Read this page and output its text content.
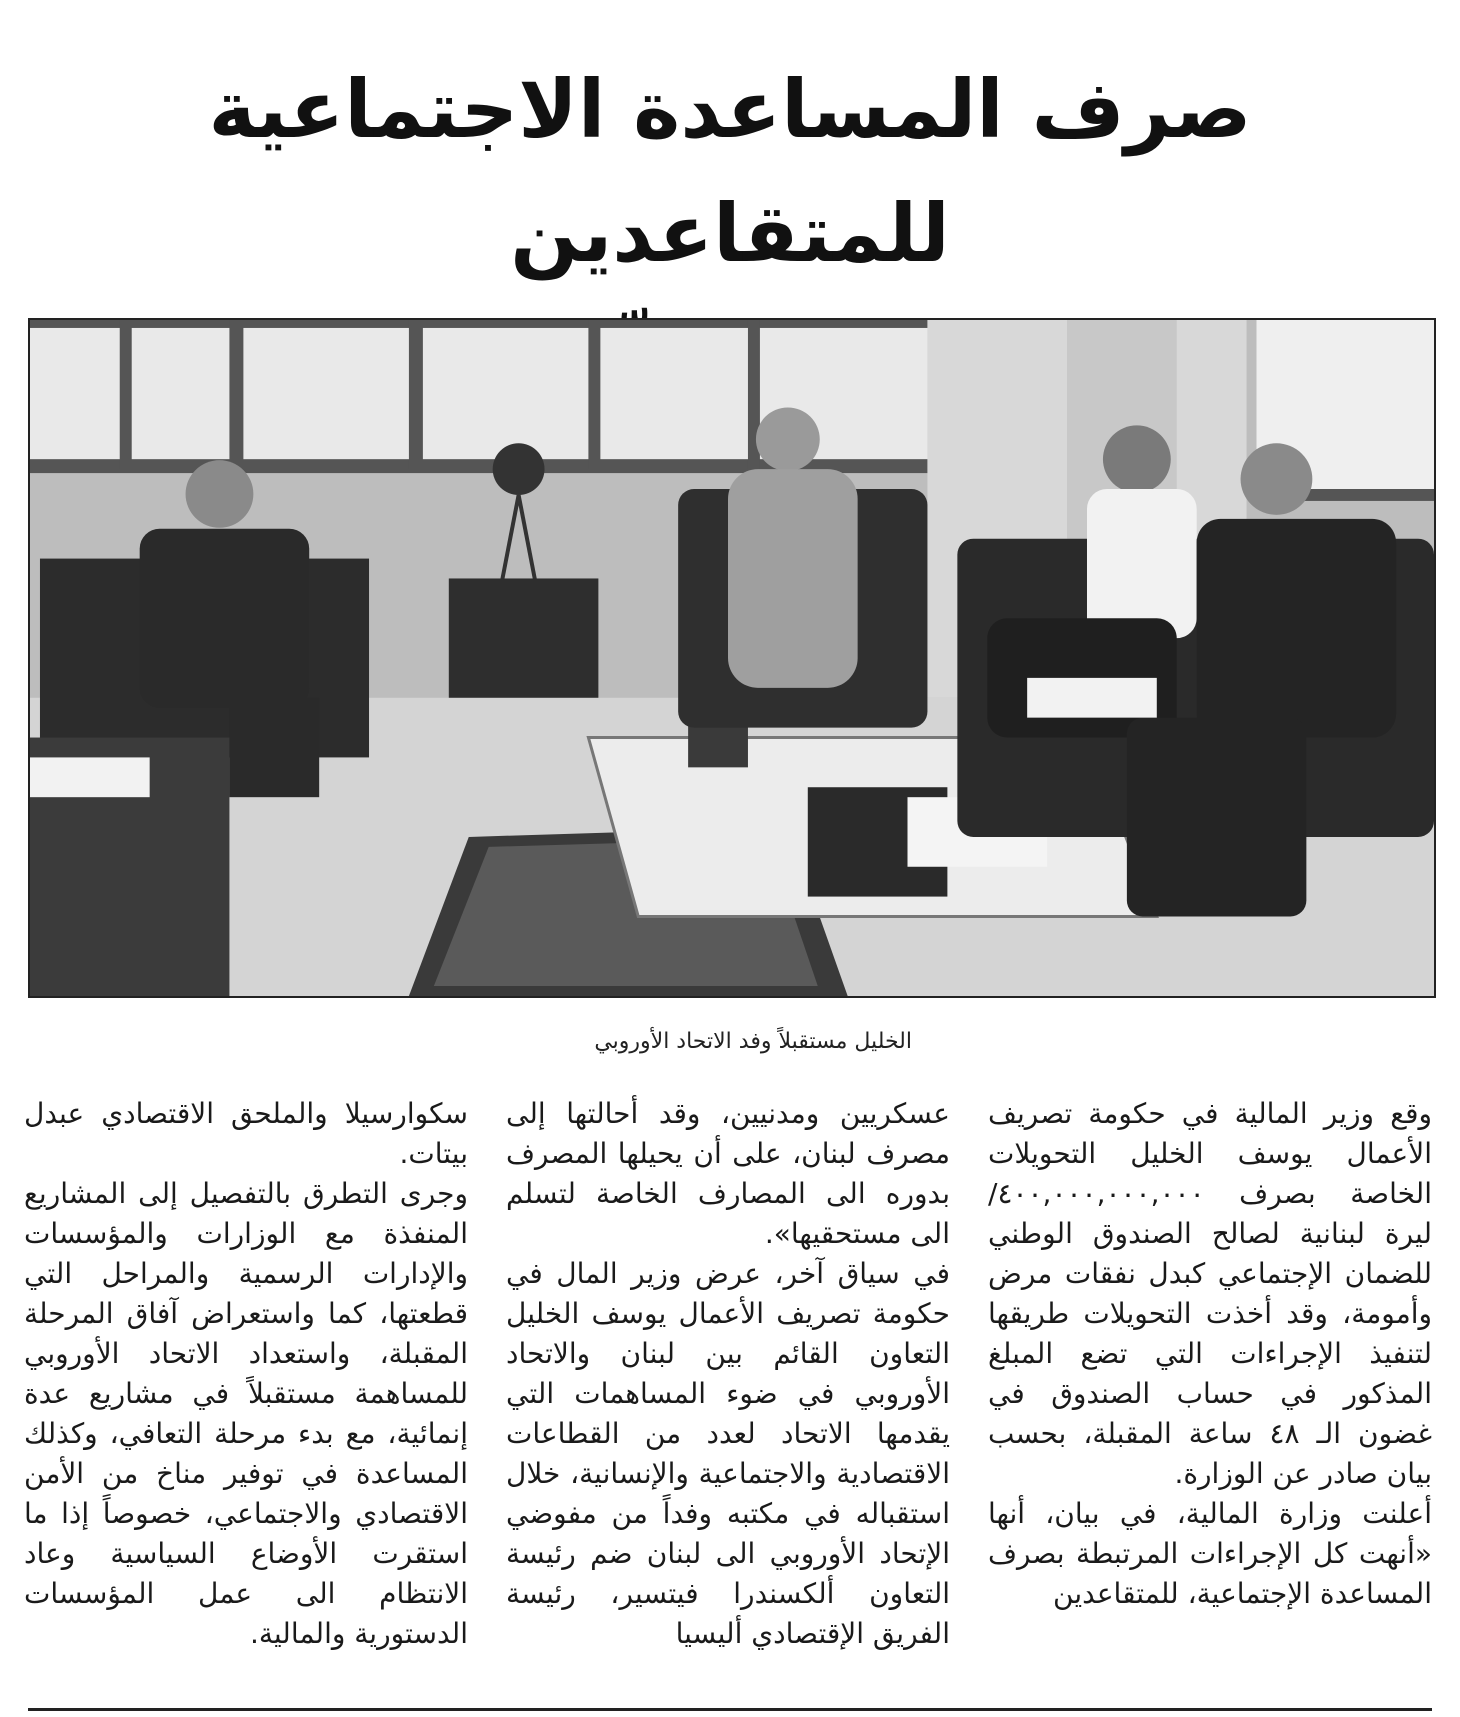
صرف المساعدة الاجتماعية للمتقاعدين
الخليل مستقبلاً وفد الاتحاد الأوروبي

وقع وزير المالية في حكومة تصريف الأعمال يوسف الخليل التحويلات الخاصة بصرف ٤٠٠,٠٠٠,٠٠٠,٠٠٠/ ليرة لبنانية لصالح الصندوق الوطني للضمان الإجتماعي كبدل نفقات مرض وأمومة، وقد أخذت التحويلات طريقها لتنفيذ الإجراءات التي تضع المبلغ المذكور في حساب الصندوق في غضون الـ ٤٨ ساعة المقبلة، بحسب بيان صادر عن الوزارة.

أعلنت وزارة المالية، في بيان، أنها «أنهت كل الإجراءات المرتبطة بصرف المساعدة الإجتماعية، للمتقاعدين

عسكريين ومدنيين، وقد أحالتها إلى مصرف لبنان، على أن يحيلها المصرف بدوره الى المصارف الخاصة لتسلم الى مستحقيها».

في سياق آخر، عرض وزير المال في حكومة تصريف الأعمال يوسف الخليل التعاون القائم بين لبنان والاتحاد الأوروبي في ضوء المساهمات التي يقدمها الاتحاد لعدد من القطاعات الاقتصادية والاجتماعية والإنسانية، خلال استقباله في مكتبه وفداً من مفوضي الإتحاد الأوروبي الى لبنان ضم رئيسة التعاون ألكسندرا فيتسير، رئيسة الفريق الإقتصادي أليسيا

سكوارسيلا والملحق الاقتصادي عبدل بيتات.

وجرى التطرق بالتفصيل إلى المشاريع المنفذة مع الوزارات والمؤسسات والإدارات الرسمية والمراحل التي قطعتها، كما واستعراض آفاق المرحلة المقبلة، واستعداد الاتحاد الأوروبي للمساهمة مستقبلاً في مشاريع عدة إنمائية، مع بدء مرحلة التعافي، وكذلك المساعدة في توفير مناخ من الأمن الاقتصادي والاجتماعي، خصوصاً إذا ما استقرت الأوضاع السياسية وعاد الانتظام الى عمل المؤسسات الدستورية والمالية.
